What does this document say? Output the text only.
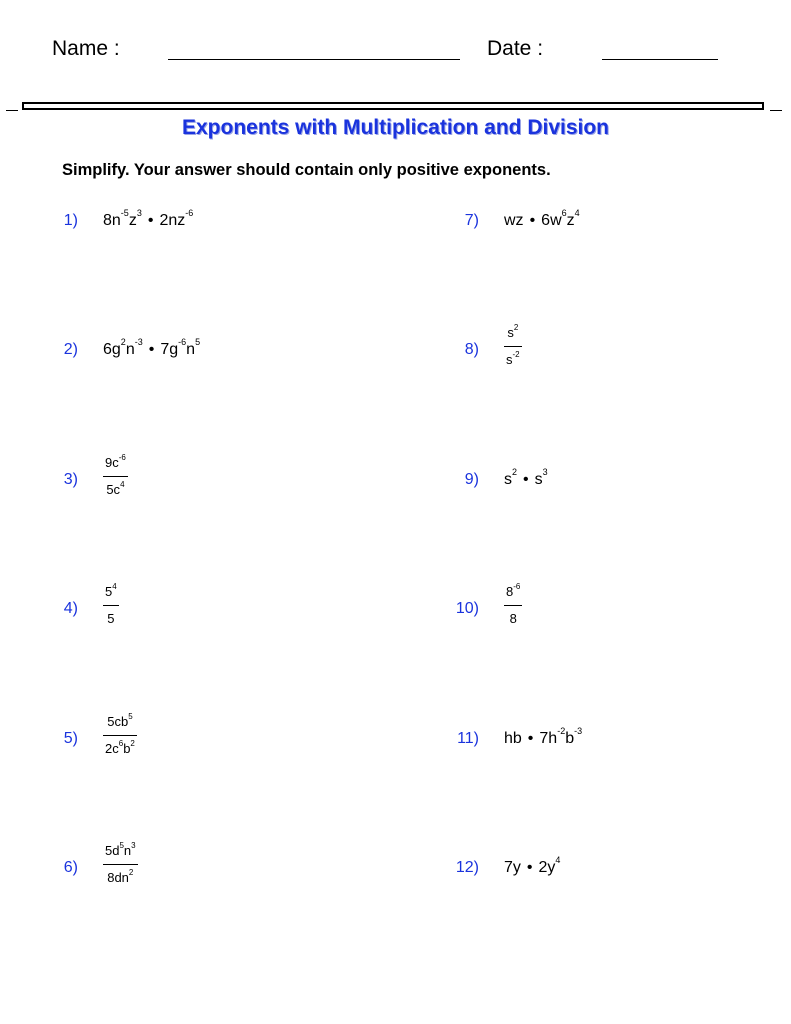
Name :	Date :
Exponents with Multiplication and Division
Simplify. Your answer should contain only positive exponents.
1) $8n^{-5}z^3$ • $2nz^{-6}$
2) $6g^2n^{-3}$ • $7g^{-6}n^5$
3)
$9c^{-6}$
$5c^4$
4)
$5^4$
5
5)
$5cb^5$
$2c^6b^2$
6)
$5d^5n^3$
$8dn^2$
7) wz • $6w^6z^4$
8)
$s^2$
$s^{-2}$
9) $s^2$ • $s^3$
10)
$8^{-6}$
8
11) hb • $7h^{-2}b^{-3}$
12) 7y • $2y^4$
